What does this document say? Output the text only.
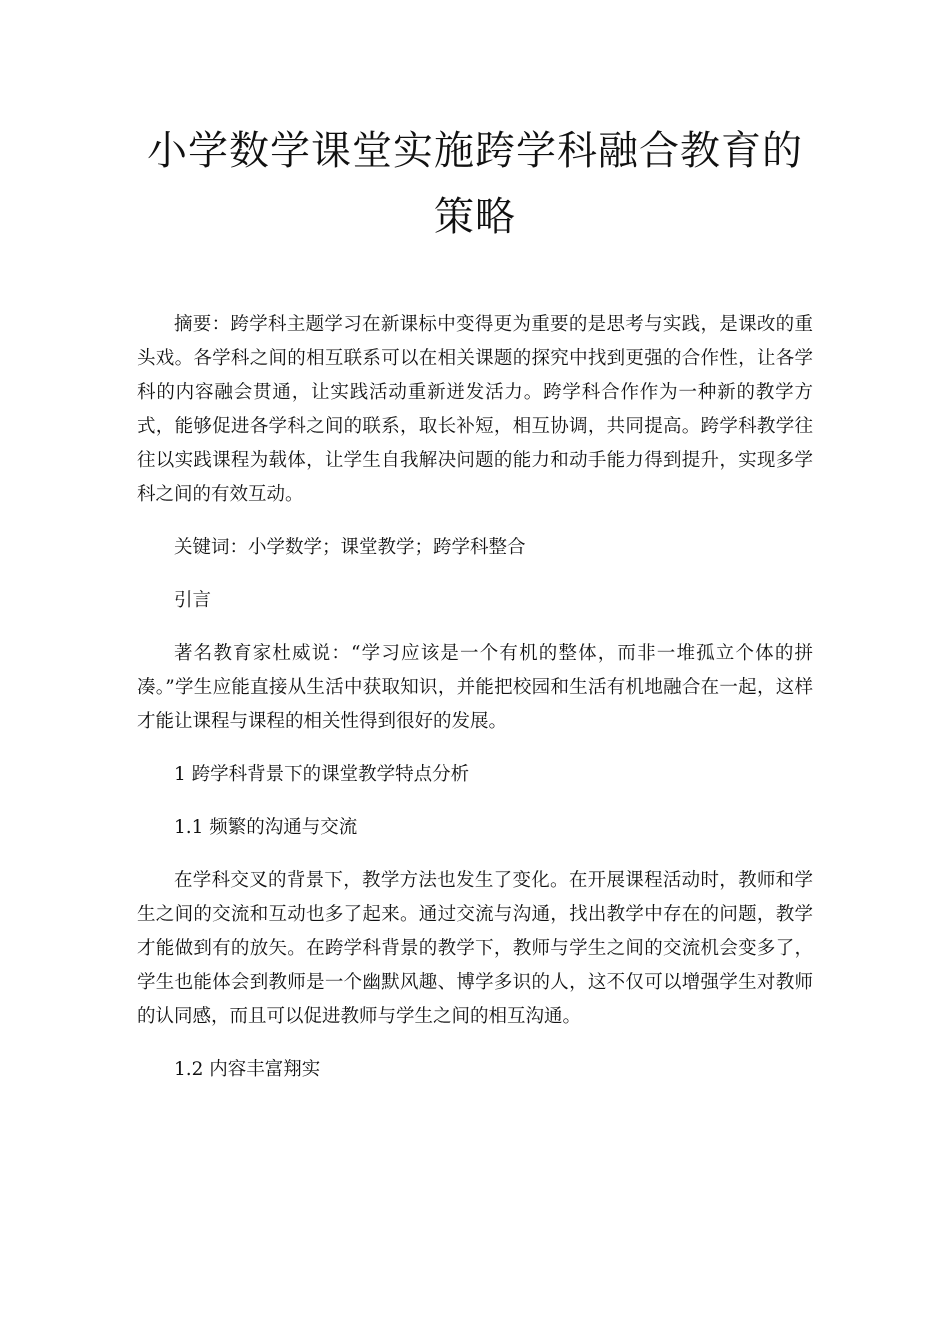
小学数学课堂实施跨学科融合教育的策略

摘要：跨学科主题学习在新课标中变得更为重要的是思考与实践，是课改的重头戏。各学科之间的相互联系可以在相关课题的探究中找到更强的合作性，让各学科的内容融会贯通，让实践活动重新迸发活力。跨学科合作作为一种新的教学方式，能够促进各学科之间的联系，取长补短，相互协调，共同提高。跨学科教学往往以实践课程为载体，让学生自我解决问题的能力和动手能力得到提升，实现多学科之间的有效互动。

关键词：小学数学；课堂教学；跨学科整合

引言

著名教育家杜威说：“学习应该是一个有机的整体，而非一堆孤立个体的拼凑。”学生应能直接从生活中获取知识，并能把校园和生活有机地融合在一起，这样才能让课程与课程的相关性得到很好的发展。

1 跨学科背景下的课堂教学特点分析

1.1 频繁的沟通与交流

在学科交叉的背景下，教学方法也发生了变化。在开展课程活动时，教师和学生之间的交流和互动也多了起来。通过交流与沟通，找出教学中存在的问题，教学才能做到有的放矢。在跨学科背景的教学下，教师与学生之间的交流机会变多了，学生也能体会到教师是一个幽默风趣、博学多识的人，这不仅可以增强学生对教师的认同感，而且可以促进教师与学生之间的相互沟通。

1.2 内容丰富翔实
